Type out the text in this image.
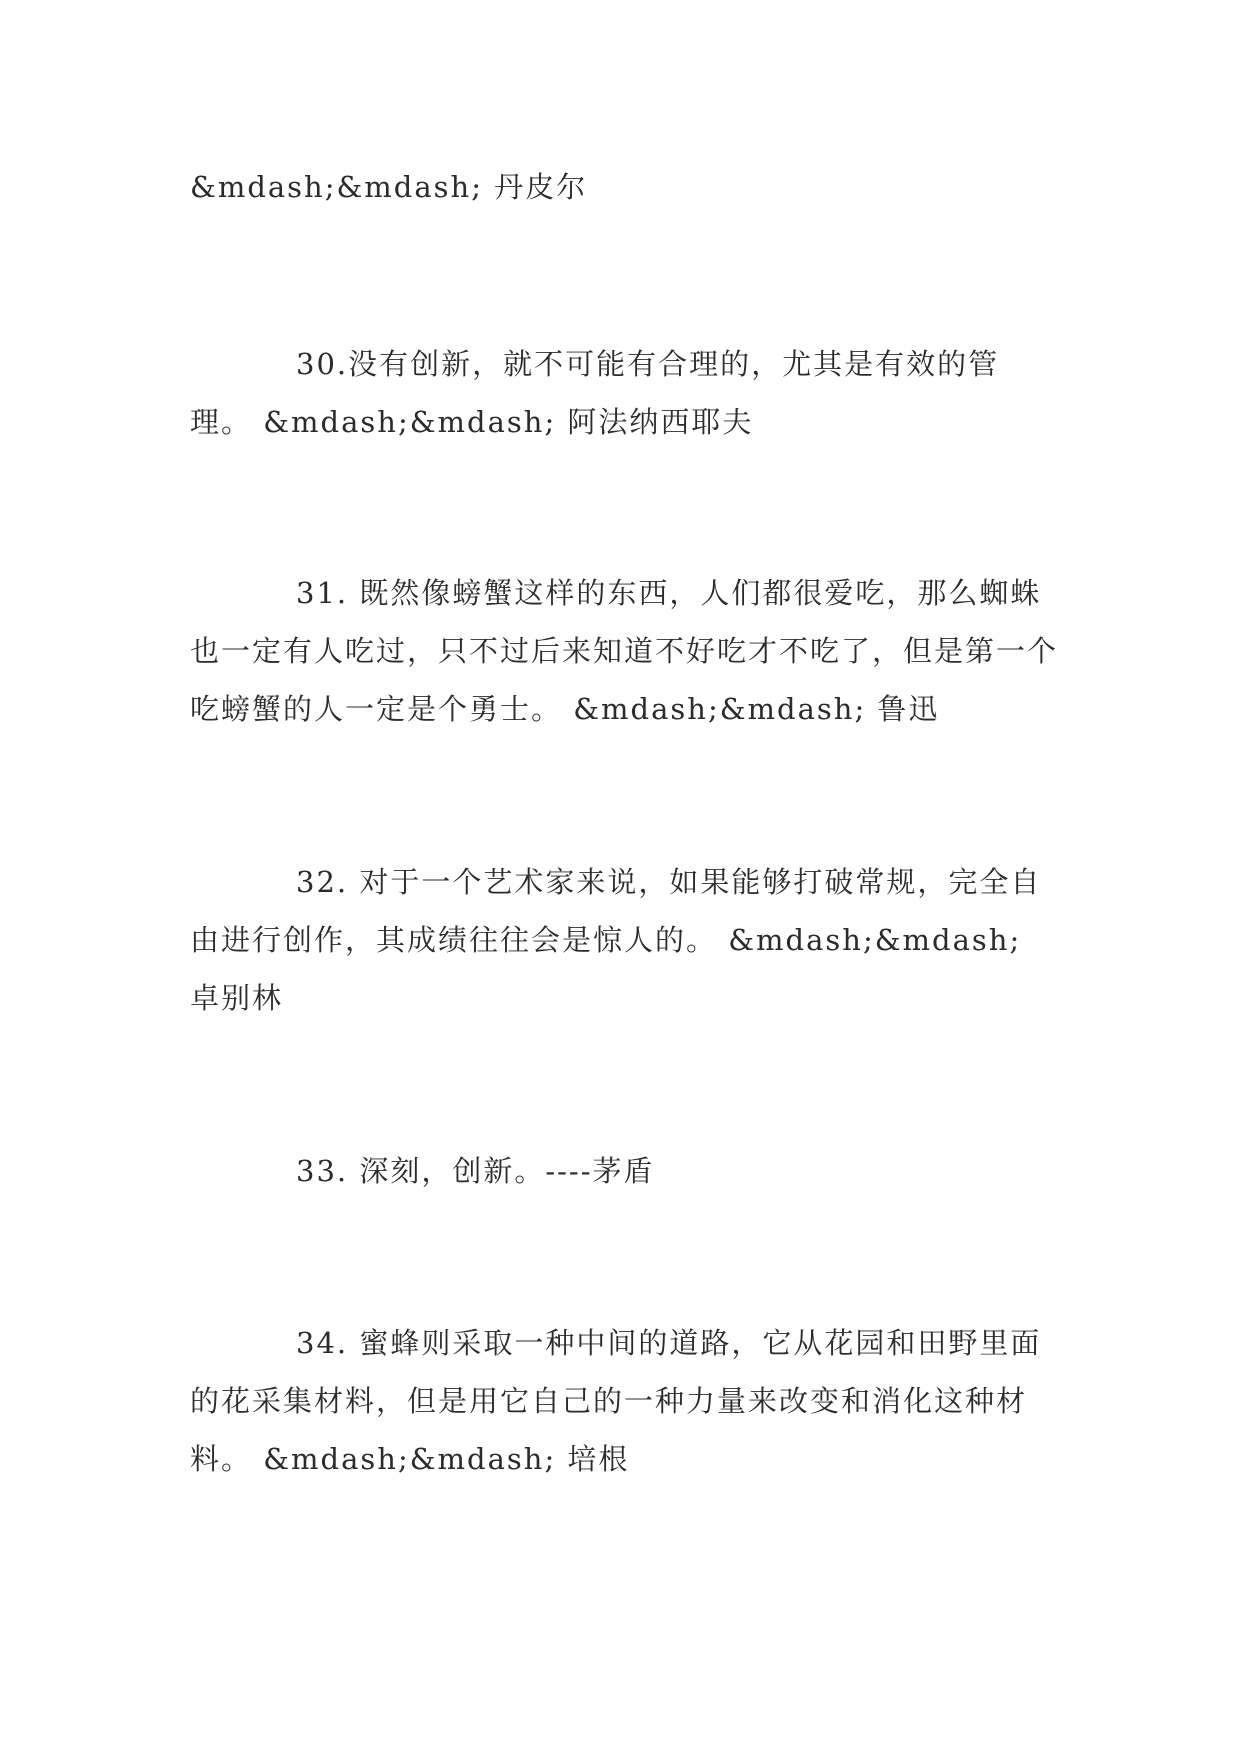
&mdash;&mdash; 丹皮尔

30.没有创新，就不可能有合理的，尤其是有效的管理。 &mdash;&mdash; 阿法纳西耶夫

31. 既然像螃蟹这样的东西，人们都很爱吃，那么蜘蛛也一定有人吃过，只不过后来知道不好吃才不吃了，但是第一个吃螃蟹的人一定是个勇士。 &mdash;&mdash; 鲁迅

32. 对于一个艺术家来说，如果能够打破常规，完全自由进行创作，其成绩往往会是惊人的。 &mdash;&mdash; 卓别林

33. 深刻，创新。----茅盾

34. 蜜蜂则采取一种中间的道路，它从花园和田野里面的花采集材料，但是用它自己的一种力量来改变和消化这种材料。 &mdash;&mdash; 培根
